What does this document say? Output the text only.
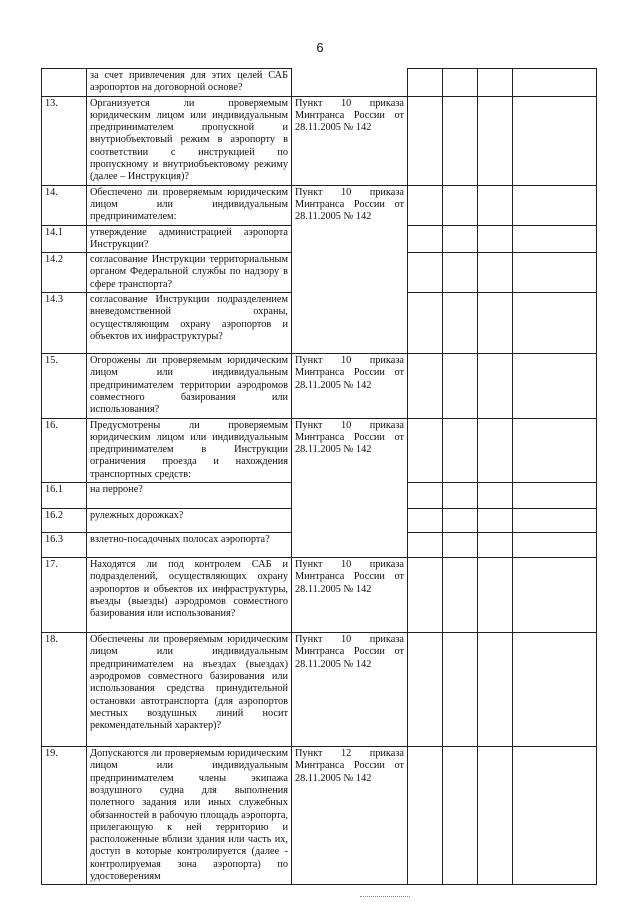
6
	за счет привлечения для этих целей САБ аэропортов на договорной основе?					
13.	Организуется ли проверяемым юридическим лицом или индивидуальным предпринимателем пропускной и внутриобъектовый режим в аэропорту в соответствии с инструкцией по пропускному и внутриобъектовому режиму (далее – Инструкция)?	Пункт 10 приказа Минтранса России от 28.11.2005 № 142				
14.	Обеспечено ли проверяемым юридическим лицом или индивидуальным предпринимателем:	Пункт 10 приказа Минтранса России от 28.11.2005 № 142				
14.1	утверждение администрацией аэропорта Инструкции?					
14.2	согласование Инструкции территориальным органом Федеральной службы по надзору в сфере транспорта?					
14.3	согласование Инструкции подразделением вневедомственной охраны, осуществляющим охрану аэропортов и объектов их инфраструктуры?					
15.	Огорожены ли проверяемым юридическим лицом или индивидуальным предпринимателем территории аэродромов совместного базирования или использования?	Пункт 10 приказа Минтранса России от 28.11.2005 № 142				
16.	Предусмотрены ли проверяемым юридическим лицом или индивидуальным предпринимателем в Инструкции ограничения проезда и нахождения транспортных средств:	Пункт 10 приказа Минтранса России от 28.11.2005 № 142				
16.1	на перроне?					
16.2	рулежных дорожках?					
16.3	взлетно-посадочных полосах аэропорта?					
17.	Находятся ли под контролем САБ и подразделений, осуществляющих охрану аэропортов и объектов их инфраструктуры, въезды (выезды) аэродромов совместного базирования или использования?	Пункт 10 приказа Минтранса России от 28.11.2005 № 142				
18.	Обеспечены ли проверяемым юридическим лицом или индивидуальным предпринимателем на въездах (выездах) аэродромов совместного базирования или использования средства принудительной остановки автотранспорта (для аэропортов местных воздушных линий носит рекомендательный характер)?	Пункт 10 приказа Минтранса России от 28.11.2005 № 142				
19.	Допускаются ли проверяемым юридическим лицом или индивидуальным предпринимателем члены экипажа воздушного судна для выполнения полетного задания или иных служебных обязанностей в рабочую площадь аэропорта, прилегающую к ней территорию и расположенные вблизи здания или часть их, доступ в которые контролируется (далее - контролируемая зона аэропорта) по удостоверениям	Пункт 12 приказа Минтранса России от 28.11.2005 № 142				
